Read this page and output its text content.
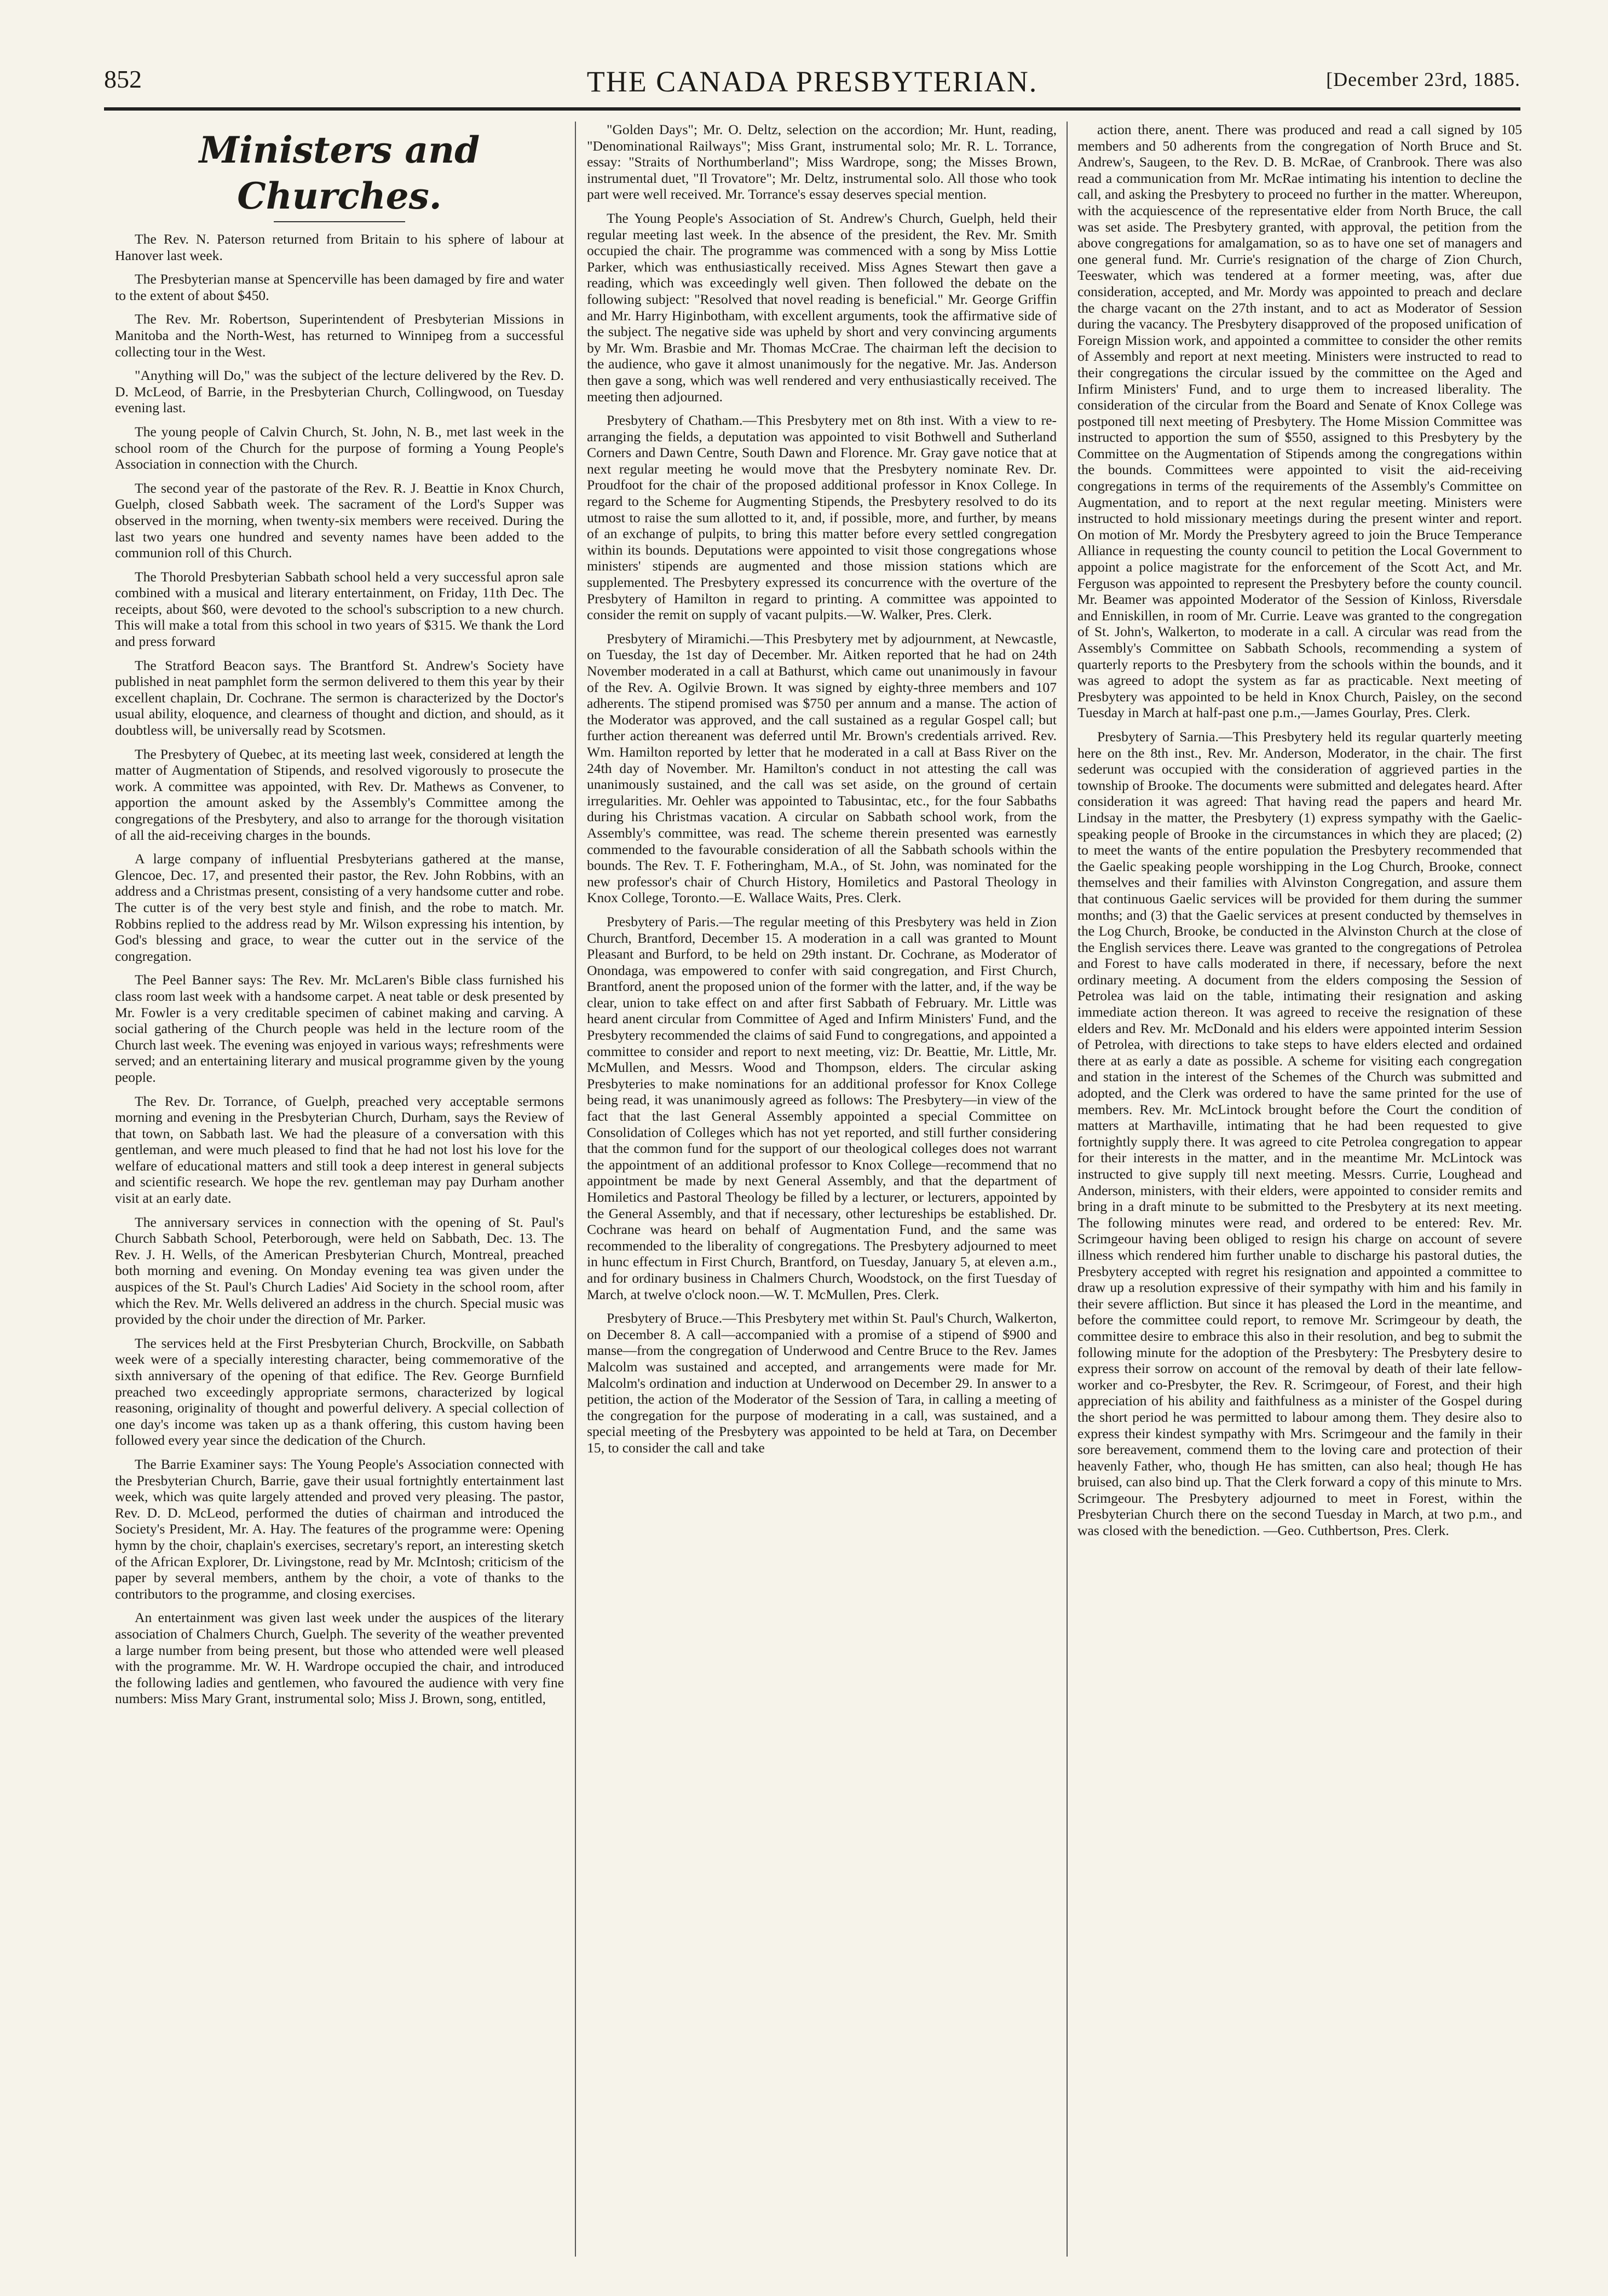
852	THE CANADA PRESBYTERIAN.	[December 23rd, 1885.
Ministers and Churches.

The Rev. N. Paterson returned from Britain to his sphere of labour at Hanover last week.

The Presbyterian manse at Spencerville has been damaged by fire and water to the extent of about $450.

The Rev. Mr. Robertson, Superintendent of Presbyterian Missions in Manitoba and the North-West, has returned to Winnipeg from a successful collecting tour in the West.

"Anything will Do," was the subject of the lecture delivered by the Rev. D. D. McLeod, of Barrie, in the Presbyterian Church, Collingwood, on Tuesday evening last.

The young people of Calvin Church, St. John, N. B., met last week in the school room of the Church for the purpose of forming a Young People's Association in connection with the Church.

The second year of the pastorate of the Rev. R. J. Beattie in Knox Church, Guelph, closed Sabbath week. The sacrament of the Lord's Supper was observed in the morning, when twenty-six members were received. During the last two years one hundred and seventy names have been added to the communion roll of this Church.

The Thorold Presbyterian Sabbath school held a very successful apron sale combined with a musical and literary entertainment, on Friday, 11th Dec. The receipts, about $60, were devoted to the school's subscription to a new church. This will make a total from this school in two years of $315. We thank the Lord and press forward

The Stratford Beacon says. The Brantford St. Andrew's Society have published in neat pamphlet form the sermon delivered to them this year by their excellent chaplain, Dr. Cochrane. The sermon is characterized by the Doctor's usual ability, eloquence, and clearness of thought and diction, and should, as it doubtless will, be universally read by Scotsmen.

The Presbytery of Quebec, at its meeting last week, considered at length the matter of Augmentation of Stipends, and resolved vigorously to prosecute the work. A committee was appointed, with Rev. Dr. Mathews as Convener, to apportion the amount asked by the Assembly's Committee among the congregations of the Presbytery, and also to arrange for the thorough visitation of all the aid-receiving charges in the bounds.

A large company of influential Presbyterians gathered at the manse, Glencoe, Dec. 17, and presented their pastor, the Rev. John Robbins, with an address and a Christmas present, consisting of a very handsome cutter and robe. The cutter is of the very best style and finish, and the robe to match. Mr. Robbins replied to the address read by Mr. Wilson expressing his intention, by God's blessing and grace, to wear the cutter out in the service of the congregation.

The Peel Banner says: The Rev. Mr. McLaren's Bible class furnished his class room last week with a handsome carpet. A neat table or desk presented by Mr. Fowler is a very creditable specimen of cabinet making and carving. A social gathering of the Church people was held in the lecture room of the Church last week. The evening was enjoyed in various ways; refreshments were served; and an entertaining literary and musical programme given by the young people.

The Rev. Dr. Torrance, of Guelph, preached very acceptable sermons morning and evening in the Presbyterian Church, Durham, says the Review of that town, on Sabbath last. We had the pleasure of a conversation with this gentleman, and were much pleased to find that he had not lost his love for the welfare of educational matters and still took a deep interest in general subjects and scientific research. We hope the rev. gentleman may pay Durham another visit at an early date.

The anniversary services in connection with the opening of St. Paul's Church Sabbath School, Peterborough, were held on Sabbath, Dec. 13. The Rev. J. H. Wells, of the American Presbyterian Church, Montreal, preached both morning and evening. On Monday evening tea was given under the auspices of the St. Paul's Church Ladies' Aid Society in the school room, after which the Rev. Mr. Wells delivered an address in the church. Special music was provided by the choir under the direction of Mr. Parker.

The services held at the First Presbyterian Church, Brockville, on Sabbath week were of a specially interesting character, being commemorative of the sixth anniversary of the opening of that edifice. The Rev. George Burnfield preached two exceedingly appropriate sermons, characterized by logical reasoning, originality of thought and powerful delivery. A special collection of one day's income was taken up as a thank offering, this custom having been followed every year since the dedication of the Church.

The Barrie Examiner says: The Young People's Association connected with the Presbyterian Church, Barrie, gave their usual fortnightly entertainment last week, which was quite largely attended and proved very pleasing. The pastor, Rev. D. D. McLeod, performed the duties of chairman and introduced the Society's President, Mr. A. Hay. The features of the programme were: Opening hymn by the choir, chaplain's exercises, secretary's report, an interesting sketch of the African Explorer, Dr. Livingstone, read by Mr. McIntosh; criticism of the paper by several members, anthem by the choir, a vote of thanks to the contributors to the programme, and closing exercises.

An entertainment was given last week under the auspices of the literary association of Chalmers Church, Guelph. The severity of the weather prevented a large number from being present, but those who attended were well pleased with the programme. Mr. W. H. Wardrope occupied the chair, and introduced the following ladies and gentlemen, who favoured the audience with very fine numbers: Miss Mary Grant, instrumental solo; Miss J. Brown, song, entitled,

"Golden Days"; Mr. O. Deltz, selection on the accordion; Mr. Hunt, reading, "Denominational Railways"; Miss Grant, instrumental solo; Mr. R. L. Torrance, essay: "Straits of Northumberland"; Miss Wardrope, song; the Misses Brown, instrumental duet, "Il Trovatore"; Mr. Deltz, instrumental solo. All those who took part were well received. Mr. Torrance's essay deserves special mention.

The Young People's Association of St. Andrew's Church, Guelph, held their regular meeting last week. In the absence of the president, the Rev. Mr. Smith occupied the chair. The programme was commenced with a song by Miss Lottie Parker, which was enthusiastically received. Miss Agnes Stewart then gave a reading, which was exceedingly well given. Then followed the debate on the following subject: "Resolved that novel reading is beneficial." Mr. George Griffin and Mr. Harry Higinbotham, with excellent arguments, took the affirmative side of the subject. The negative side was upheld by short and very convincing arguments by Mr. Wm. Brasbie and Mr. Thomas McCrae. The chairman left the decision to the audience, who gave it almost unanimously for the negative. Mr. Jas. Anderson then gave a song, which was well rendered and very enthusiastically received. The meeting then adjourned.

Presbytery of Chatham.—This Presbytery met on 8th inst. With a view to re-arranging the fields, a deputation was appointed to visit Bothwell and Sutherland Corners and Dawn Centre, South Dawn and Florence. Mr. Gray gave notice that at next regular meeting he would move that the Presbytery nominate Rev. Dr. Proudfoot for the chair of the proposed additional professor in Knox College. In regard to the Scheme for Augmenting Stipends, the Presbytery resolved to do its utmost to raise the sum allotted to it, and, if possible, more, and further, by means of an exchange of pulpits, to bring this matter before every settled congregation within its bounds. Deputations were appointed to visit those congregations whose ministers' stipends are augmented and those mission stations which are supplemented. The Presbytery expressed its concurrence with the overture of the Presbytery of Hamilton in regard to printing. A committee was appointed to consider the remit on supply of vacant pulpits.—W. Walker, Pres. Clerk.

Presbytery of Miramichi.—This Presbytery met by adjournment, at Newcastle, on Tuesday, the 1st day of December. Mr. Aitken reported that he had on 24th November moderated in a call at Bathurst, which came out unanimously in favour of the Rev. A. Ogilvie Brown. It was signed by eighty-three members and 107 adherents. The stipend promised was $750 per annum and a manse. The action of the Moderator was approved, and the call sustained as a regular Gospel call; but further action thereanent was deferred until Mr. Brown's credentials arrived. Rev. Wm. Hamilton reported by letter that he moderated in a call at Bass River on the 24th day of November. Mr. Hamilton's conduct in not attesting the call was unanimously sustained, and the call was set aside, on the ground of certain irregularities. Mr. Oehler was appointed to Tabusintac, etc., for the four Sabbaths during his Christmas vacation. A circular on Sabbath school work, from the Assembly's committee, was read. The scheme therein presented was earnestly commended to the favourable consideration of all the Sabbath schools within the bounds. The Rev. T. F. Fotheringham, M.A., of St. John, was nominated for the new professor's chair of Church History, Homiletics and Pastoral Theology in Knox College, Toronto.—E. Wallace Waits, Pres. Clerk.

Presbytery of Paris.—The regular meeting of this Presbytery was held in Zion Church, Brantford, December 15. A moderation in a call was granted to Mount Pleasant and Burford, to be held on 29th instant. Dr. Cochrane, as Moderator of Onondaga, was empowered to confer with said congregation, and First Church, Brantford, anent the proposed union of the former with the latter, and, if the way be clear, union to take effect on and after first Sabbath of February. Mr. Little was heard anent circular from Committee of Aged and Infirm Ministers' Fund, and the Presbytery recommended the claims of said Fund to congregations, and appointed a committee to consider and report to next meeting, viz: Dr. Beattie, Mr. Little, Mr. McMullen, and Messrs. Wood and Thompson, elders. The circular asking Presbyteries to make nominations for an additional professor for Knox College being read, it was unanimously agreed as follows: The Presbytery—in view of the fact that the last General Assembly appointed a special Committee on Consolidation of Colleges which has not yet reported, and still further considering that the common fund for the support of our theological colleges does not warrant the appointment of an additional professor to Knox College—recommend that no appointment be made by next General Assembly, and that the department of Homiletics and Pastoral Theology be filled by a lecturer, or lecturers, appointed by the General Assembly, and that if necessary, other lectureships be established. Dr. Cochrane was heard on behalf of Augmentation Fund, and the same was recommended to the liberality of congregations. The Presbytery adjourned to meet in hunc effectum in First Church, Brantford, on Tuesday, January 5, at eleven a.m., and for ordinary business in Chalmers Church, Woodstock, on the first Tuesday of March, at twelve o'clock noon.—W. T. McMullen, Pres. Clerk.

Presbytery of Bruce.—This Presbytery met within St. Paul's Church, Walkerton, on December 8. A call—accompanied with a promise of a stipend of $900 and manse—from the congregation of Underwood and Centre Bruce to the Rev. James Malcolm was sustained and accepted, and arrangements were made for Mr. Malcolm's ordination and induction at Underwood on December 29. In answer to a petition, the action of the Moderator of the Session of Tara, in calling a meeting of the congregation for the purpose of moderating in a call, was sustained, and a special meeting of the Presbytery was appointed to be held at Tara, on December 15, to consider the call and take

action there, anent. There was produced and read a call signed by 105 members and 50 adherents from the congregation of North Bruce and St. Andrew's, Saugeen, to the Rev. D. B. McRae, of Cranbrook. There was also read a communication from Mr. McRae intimating his intention to decline the call, and asking the Presbytery to proceed no further in the matter. Whereupon, with the acquiescence of the representative elder from North Bruce, the call was set aside. The Presbytery granted, with approval, the petition from the above congregations for amalgamation, so as to have one set of managers and one general fund. Mr. Currie's resignation of the charge of Zion Church, Teeswater, which was tendered at a former meeting, was, after due consideration, accepted, and Mr. Mordy was appointed to preach and declare the charge vacant on the 27th instant, and to act as Moderator of Session during the vacancy. The Presbytery disapproved of the proposed unification of Foreign Mission work, and appointed a committee to consider the other remits of Assembly and report at next meeting. Ministers were instructed to read to their congregations the circular issued by the committee on the Aged and Infirm Ministers' Fund, and to urge them to increased liberality. The consideration of the circular from the Board and Senate of Knox College was postponed till next meeting of Presbytery. The Home Mission Committee was instructed to apportion the sum of $550, assigned to this Presbytery by the Committee on the Augmentation of Stipends among the congregations within the bounds. Committees were appointed to visit the aid-receiving congregations in terms of the requirements of the Assembly's Committee on Augmentation, and to report at the next regular meeting. Ministers were instructed to hold missionary meetings during the present winter and report. On motion of Mr. Mordy the Presbytery agreed to join the Bruce Temperance Alliance in requesting the county council to petition the Local Government to appoint a police magistrate for the enforcement of the Scott Act, and Mr. Ferguson was appointed to represent the Presbytery before the county council. Mr. Beamer was appointed Moderator of the Session of Kinloss, Riversdale and Enniskillen, in room of Mr. Currie. Leave was granted to the congregation of St. John's, Walkerton, to moderate in a call. A circular was read from the Assembly's Committee on Sabbath Schools, recommending a system of quarterly reports to the Presbytery from the schools within the bounds, and it was agreed to adopt the system as far as practicable. Next meeting of Presbytery was appointed to be held in Knox Church, Paisley, on the second Tuesday in March at half-past one p.m.,—James Gourlay, Pres. Clerk.

Presbytery of Sarnia.—This Presbytery held its regular quarterly meeting here on the 8th inst., Rev. Mr. Anderson, Moderator, in the chair. The first sederunt was occupied with the consideration of aggrieved parties in the township of Brooke. The documents were submitted and delegates heard. After consideration it was agreed: That having read the papers and heard Mr. Lindsay in the matter, the Presbytery (1) express sympathy with the Gaelic-speaking people of Brooke in the circumstances in which they are placed; (2) to meet the wants of the entire population the Presbytery recommended that the Gaelic speaking people worshipping in the Log Church, Brooke, connect themselves and their families with Alvinston Congregation, and assure them that continuous Gaelic services will be provided for them during the summer months; and (3) that the Gaelic services at present conducted by themselves in the Log Church, Brooke, be conducted in the Alvinston Church at the close of the English services there. Leave was granted to the congregations of Petrolea and Forest to have calls moderated in there, if necessary, before the next ordinary meeting. A document from the elders composing the Session of Petrolea was laid on the table, intimating their resignation and asking immediate action thereon. It was agreed to receive the resignation of these elders and Rev. Mr. McDonald and his elders were appointed interim Session of Petrolea, with directions to take steps to have elders elected and ordained there at as early a date as possible. A scheme for visiting each congregation and station in the interest of the Schemes of the Church was submitted and adopted, and the Clerk was ordered to have the same printed for the use of members. Rev. Mr. McLintock brought before the Court the condition of matters at Marthaville, intimating that he had been requested to give fortnightly supply there. It was agreed to cite Petrolea congregation to appear for their interests in the matter, and in the meantime Mr. McLintock was instructed to give supply till next meeting. Messrs. Currie, Loughead and Anderson, ministers, with their elders, were appointed to consider remits and bring in a draft minute to be submitted to the Presbytery at its next meeting. The following minutes were read, and ordered to be entered: Rev. Mr. Scrimgeour having been obliged to resign his charge on account of severe illness which rendered him further unable to discharge his pastoral duties, the Presbytery accepted with regret his resignation and appointed a committee to draw up a resolution expressive of their sympathy with him and his family in their severe affliction. But since it has pleased the Lord in the meantime, and before the committee could report, to remove Mr. Scrimgeour by death, the committee desire to embrace this also in their resolution, and beg to submit the following minute for the adoption of the Presbytery: The Presbytery desire to express their sorrow on account of the removal by death of their late fellow-worker and co-Presbyter, the Rev. R. Scrimgeour, of Forest, and their high appreciation of his ability and faithfulness as a minister of the Gospel during the short period he was permitted to labour among them. They desire also to express their kindest sympathy with Mrs. Scrimgeour and the family in their sore bereavement, commend them to the loving care and protection of their heavenly Father, who, though He has smitten, can also heal; though He has bruised, can also bind up. That the Clerk forward a copy of this minute to Mrs. Scrimgeour. The Presbytery adjourned to meet in Forest, within the Presbyterian Church there on the second Tuesday in March, at two p.m., and was closed with the benediction. —Geo. Cuthbertson, Pres. Clerk.
